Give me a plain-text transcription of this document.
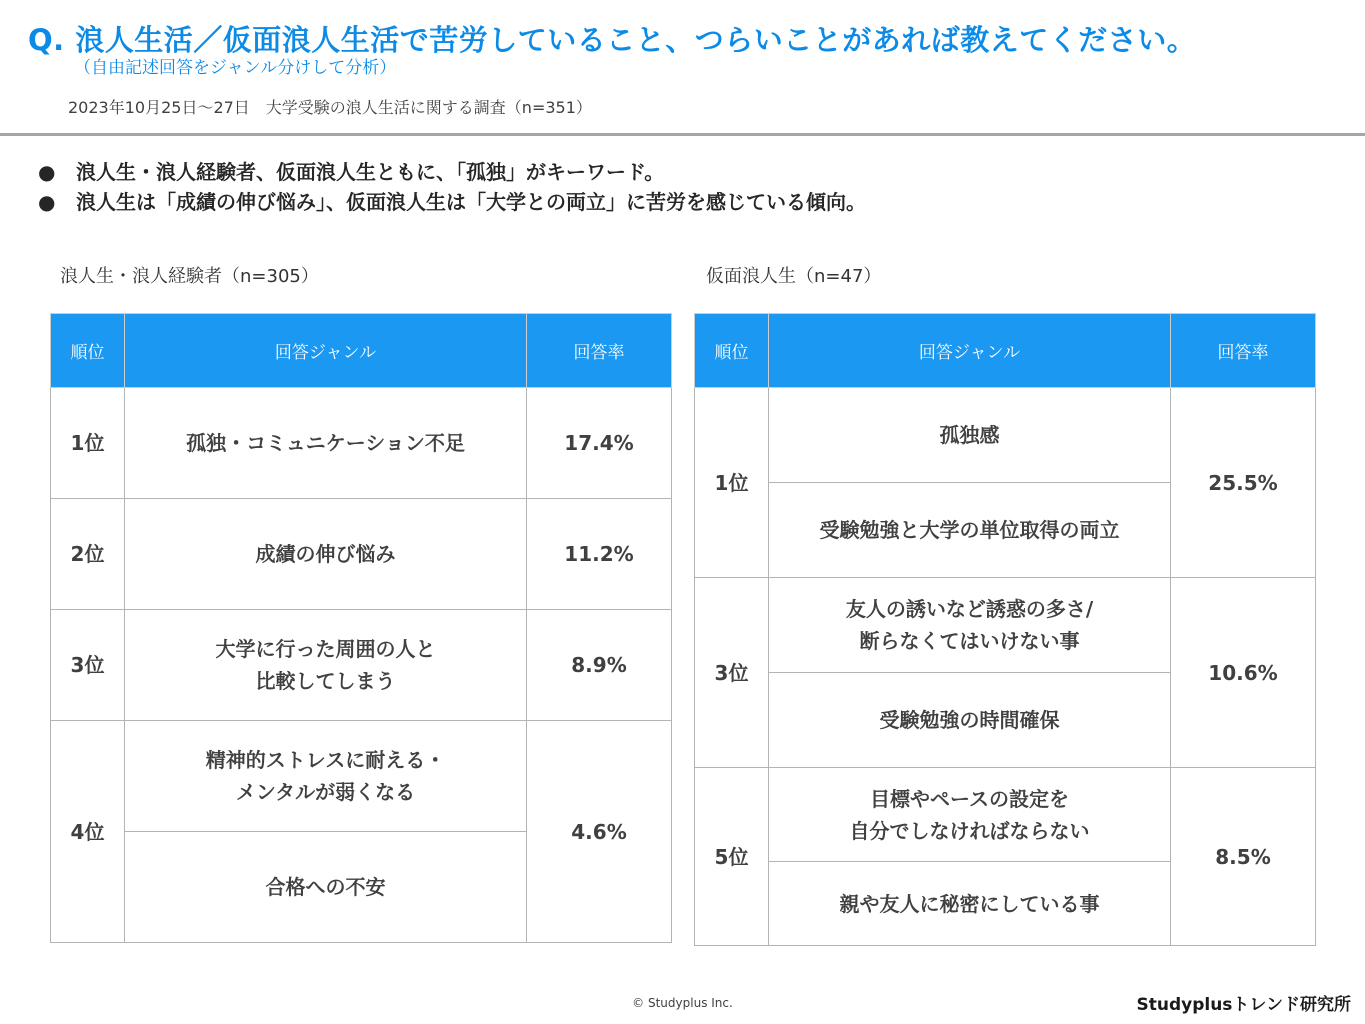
Q. 浪人生活／仮面浪人生活で苦労していること、つらいことがあれば教えてください。
（自由記述回答をジャンル分けして分析）
2023年10月25日～27日　大学受験の浪人生活に関する調査（n=351）
● 浪人生・浪人経験者、仮面浪人生ともに、「孤独」がキーワード。
● 浪人生は「成績の伸び悩み」、仮面浪人生は「大学との両立」に苦労を感じている傾向。
浪人生・浪人経験者（n=305）	仮面浪人生（n=47）
順位	回答ジャンル	回答率
1位	孤独・コミュニケーション不足	17.4%
2位	成績の伸び悩み	11.2%
3位	大学に行った周囲の人と
比較してしまう	8.9%
4位	精神的ストレスに耐える・
メンタルが弱くなる	4.6%
	合格への不安	
順位	回答ジャンル	回答率
1位	孤独感	25.5%
	受験勉強と大学の単位取得の両立	
3位	友人の誘いなど誘惑の多さ/
断らなくてはいけない事	10.6%
	受験勉強の時間確保	
5位	目標やペースの設定を
自分でしなければならない	8.5%
	親や友人に秘密にしている事	
© Studyplus Inc.	Studyplusトレンド研究所
